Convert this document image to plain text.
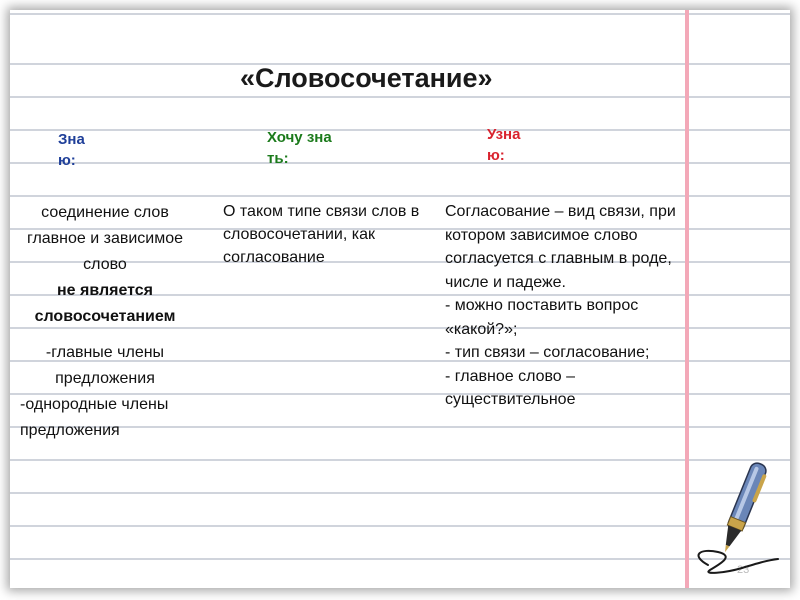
«Словосочетание»
Знаю:
Хочу знать:
Узнаю:
соединение слов
главное и зависимое слово
не является словосочетанием
-главные члены предложения
-однородные члены предложения
О таком типе связи слов в словосочетании, как согласование
Согласование – вид связи, при котором зависимое слово согласуется с главным в роде, числе и падеже.
- можно поставить вопрос «какой?»;
- тип связи – согласование;
- главное слово – существительное
23
